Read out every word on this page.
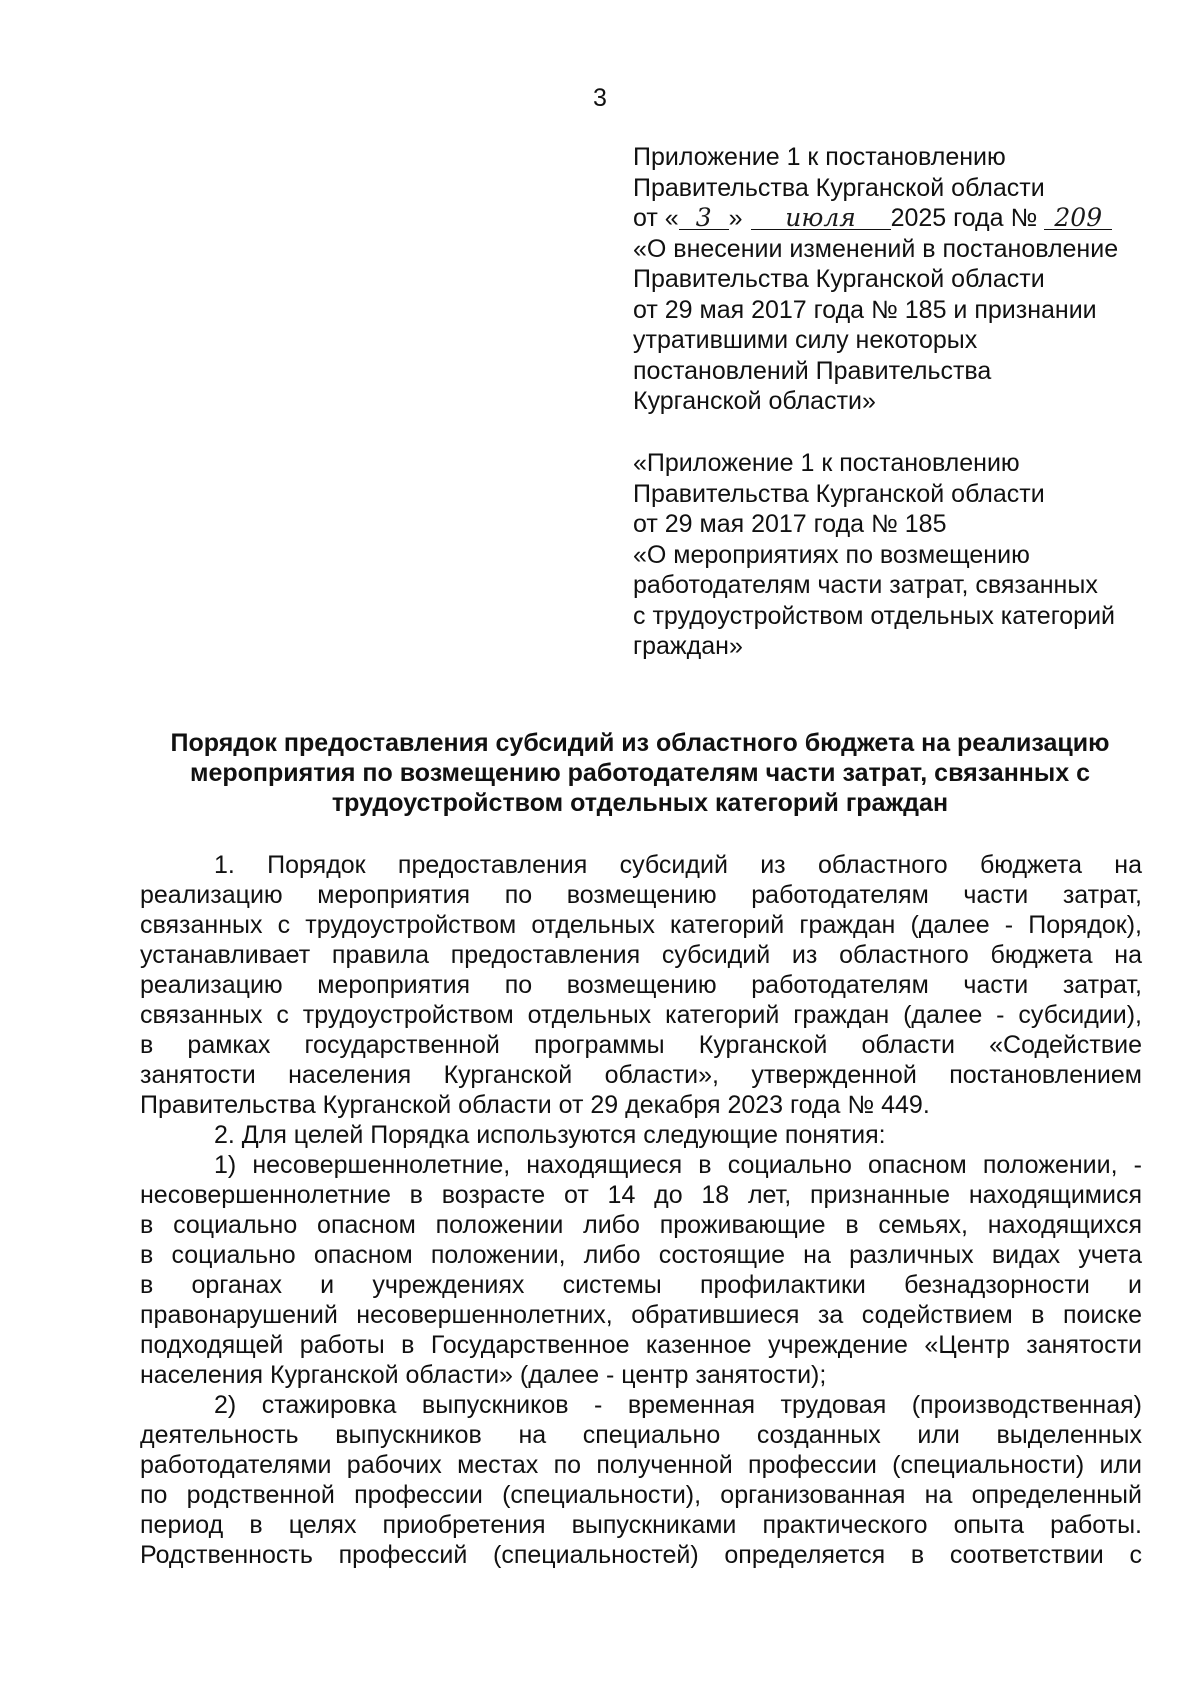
3
Приложение 1 к постановлению
Правительства Курганской области
от « 3 » июля 2025 года № 209
«О внесении изменений в постановление
Правительства Курганской области
от 29 мая 2017 года № 185 и признании
утратившими силу некоторых
постановлений Правительства
Курганской области»
«Приложение 1 к постановлению
Правительства Курганской области
от 29 мая 2017 года № 185
«О мероприятиях по возмещению
работодателям части затрат, связанных
с трудоустройством отдельных категорий
граждан»
Порядок предоставления субсидий из областного бюджета на реализацию
мероприятия по возмещению работодателям части затрат, связанных с
трудоустройством отдельных категорий граждан

1. Порядок предоставления субсидий из областного бюджета на
реализацию мероприятия по возмещению работодателям части затрат,
связанных с трудоустройством отдельных категорий граждан (далее - Порядок),
устанавливает правила предоставления субсидий из областного бюджета на
реализацию мероприятия по возмещению работодателям части затрат,
связанных с трудоустройством отдельных категорий граждан (далее - субсидии),
в рамках государственной программы Курганской области «Содействие
занятости населения Курганской области», утвержденной постановлением
Правительства Курганской области от 29 декабря 2023 года № 449.

2. Для целей Порядка используются следующие понятия:

1) несовершеннолетние, находящиеся в социально опасном положении, -
несовершеннолетние в возрасте от 14 до 18 лет, признанные находящимися
в социально опасном положении либо проживающие в семьях, находящихся
в социально опасном положении, либо состоящие на различных видах учета
в органах и учреждениях системы профилактики безнадзорности и
правонарушений несовершеннолетних, обратившиеся за содействием в поиске
подходящей работы в Государственное казенное учреждение «Центр занятости
населения Курганской области» (далее - центр занятости);

2) стажировка выпускников - временная трудовая (производственная)
деятельность выпускников на специально созданных или выделенных
работодателями рабочих местах по полученной профессии (специальности) или
по родственной профессии (специальности), организованная на определенный
период в целях приобретения выпускниками практического опыта работы.
Родственность профессий (специальностей) определяется в соответствии с
